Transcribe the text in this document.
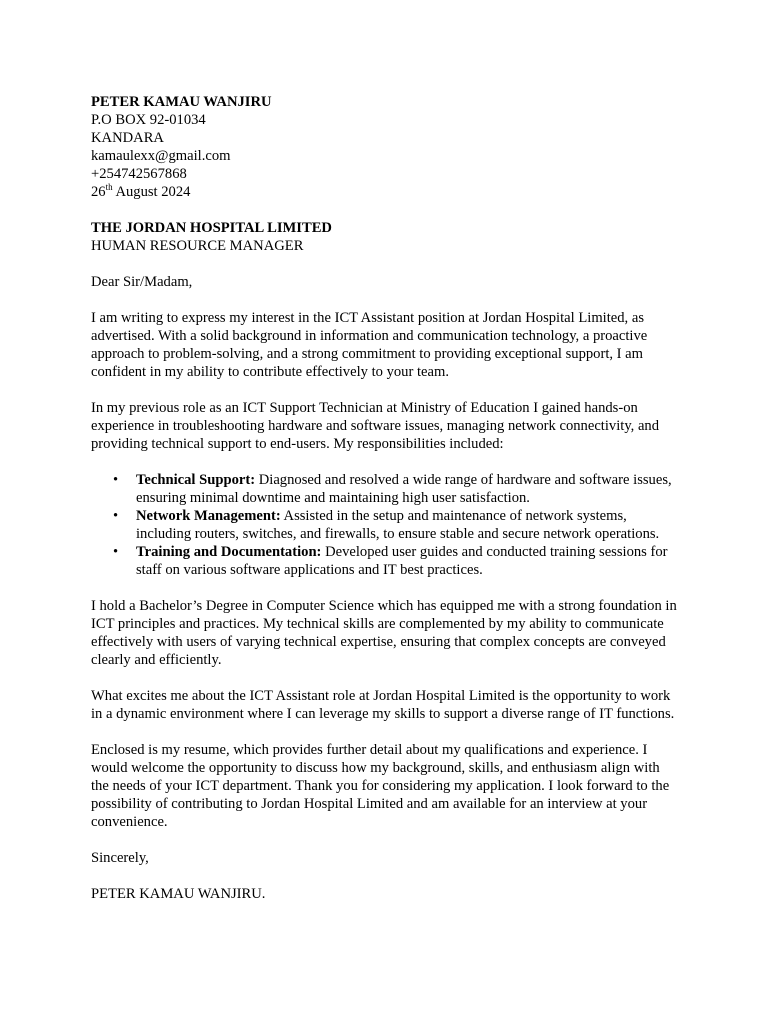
PETER KAMAU WANJIRU
P.O BOX 92-01034
KANDARA
kamaulexx@gmail.com
+254742567868
26th August 2024
THE JORDAN HOSPITAL LIMITED
HUMAN RESOURCE MANAGER

Dear Sir/Madam,

I am writing to express my interest in the ICT Assistant position at Jordan Hospital Limited, as advertised. With a solid background in information and communication technology, a proactive approach to problem-solving, and a strong commitment to providing exceptional support, I am confident in my ability to contribute effectively to your team.

In my previous role as an ICT Support Technician at Ministry of Education I gained hands-on experience in troubleshooting hardware and software issues, managing network connectivity, and providing technical support to end-users. My responsibilities included:

• Technical Support: Diagnosed and resolved a wide range of hardware and software issues, ensuring minimal downtime and maintaining high user satisfaction.
• Network Management: Assisted in the setup and maintenance of network systems, including routers, switches, and firewalls, to ensure stable and secure network operations.
• Training and Documentation: Developed user guides and conducted training sessions for staff on various software applications and IT best practices.

I hold a Bachelor’s Degree in Computer Science which has equipped me with a strong foundation in ICT principles and practices. My technical skills are complemented by my ability to communicate effectively with users of varying technical expertise, ensuring that complex concepts are conveyed clearly and efficiently.

What excites me about the ICT Assistant role at Jordan Hospital Limited is the opportunity to work in a dynamic environment where I can leverage my skills to support a diverse range of IT functions.

Enclosed is my resume, which provides further detail about my qualifications and experience. I would welcome the opportunity to discuss how my background, skills, and enthusiasm align with the needs of your ICT department. Thank you for considering my application. I look forward to the possibility of contributing to Jordan Hospital Limited and am available for an interview at your convenience.

Sincerely,

PETER KAMAU WANJIRU.
